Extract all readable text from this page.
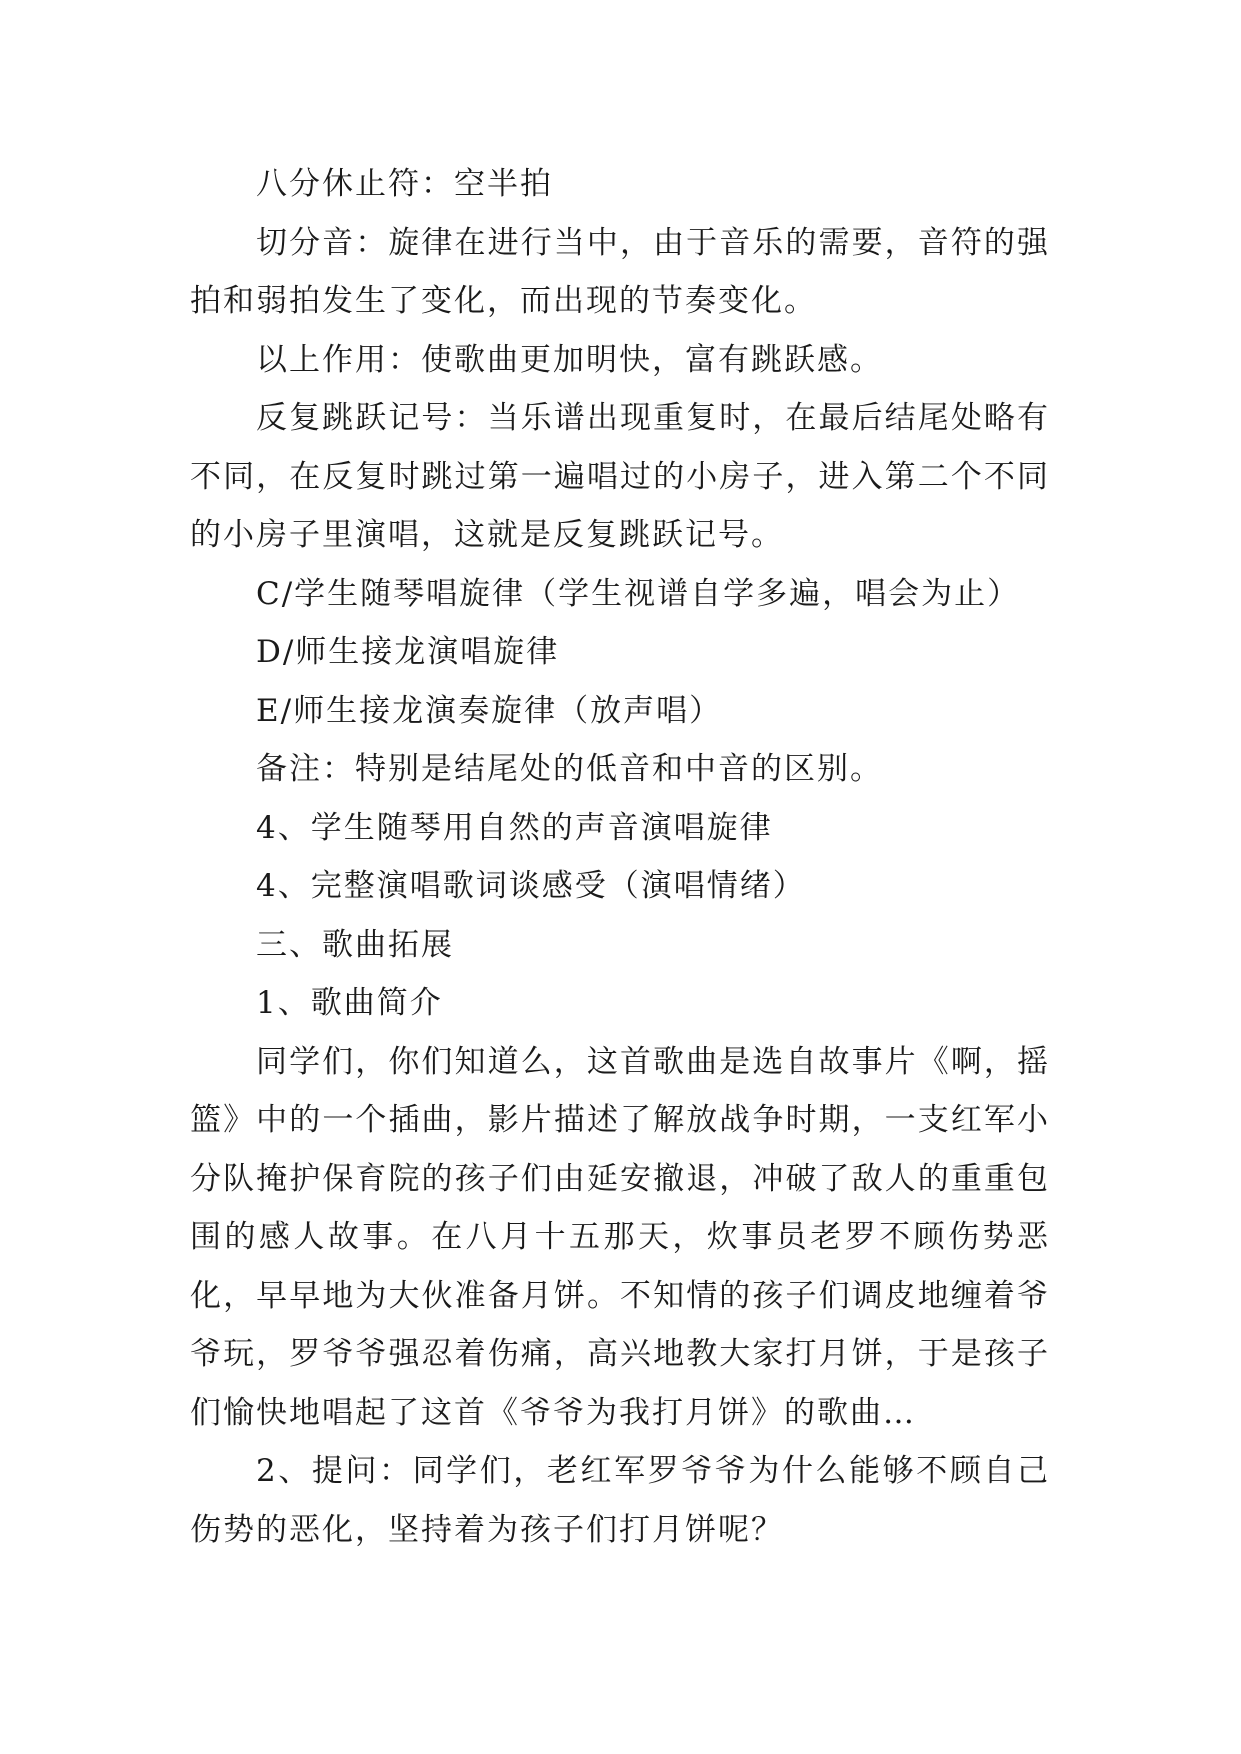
八分休止符：空半拍

切分音：旋律在进行当中，由于音乐的需要，音符的强拍和弱拍发生了变化，而出现的节奏变化。

以上作用：使歌曲更加明快，富有跳跃感。

反复跳跃记号：当乐谱出现重复时，在最后结尾处略有不同，在反复时跳过第一遍唱过的小房子，进入第二个不同的小房子里演唱，这就是反复跳跃记号。

C/学生随琴唱旋律（学生视谱自学多遍，唱会为止）

D/师生接龙演唱旋律

E/师生接龙演奏旋律（放声唱）

备注：特别是结尾处的低音和中音的区别。

4、学生随琴用自然的声音演唱旋律

4、完整演唱歌词谈感受（演唱情绪）

三、歌曲拓展

1、歌曲简介

同学们，你们知道么，这首歌曲是选自故事片《啊，摇篮》中的一个插曲，影片描述了解放战争时期，一支红军小分队掩护保育院的孩子们由延安撤退，冲破了敌人的重重包围的感人故事。在八月十五那天，炊事员老罗不顾伤势恶化，早早地为大伙准备月饼。不知情的孩子们调皮地缠着爷爷玩，罗爷爷强忍着伤痛，高兴地教大家打月饼，于是孩子们愉快地唱起了这首《爷爷为我打月饼》的歌曲…

2、提问：同学们，老红军罗爷爷为什么能够不顾自己伤势的恶化，坚持着为孩子们打月饼呢？
